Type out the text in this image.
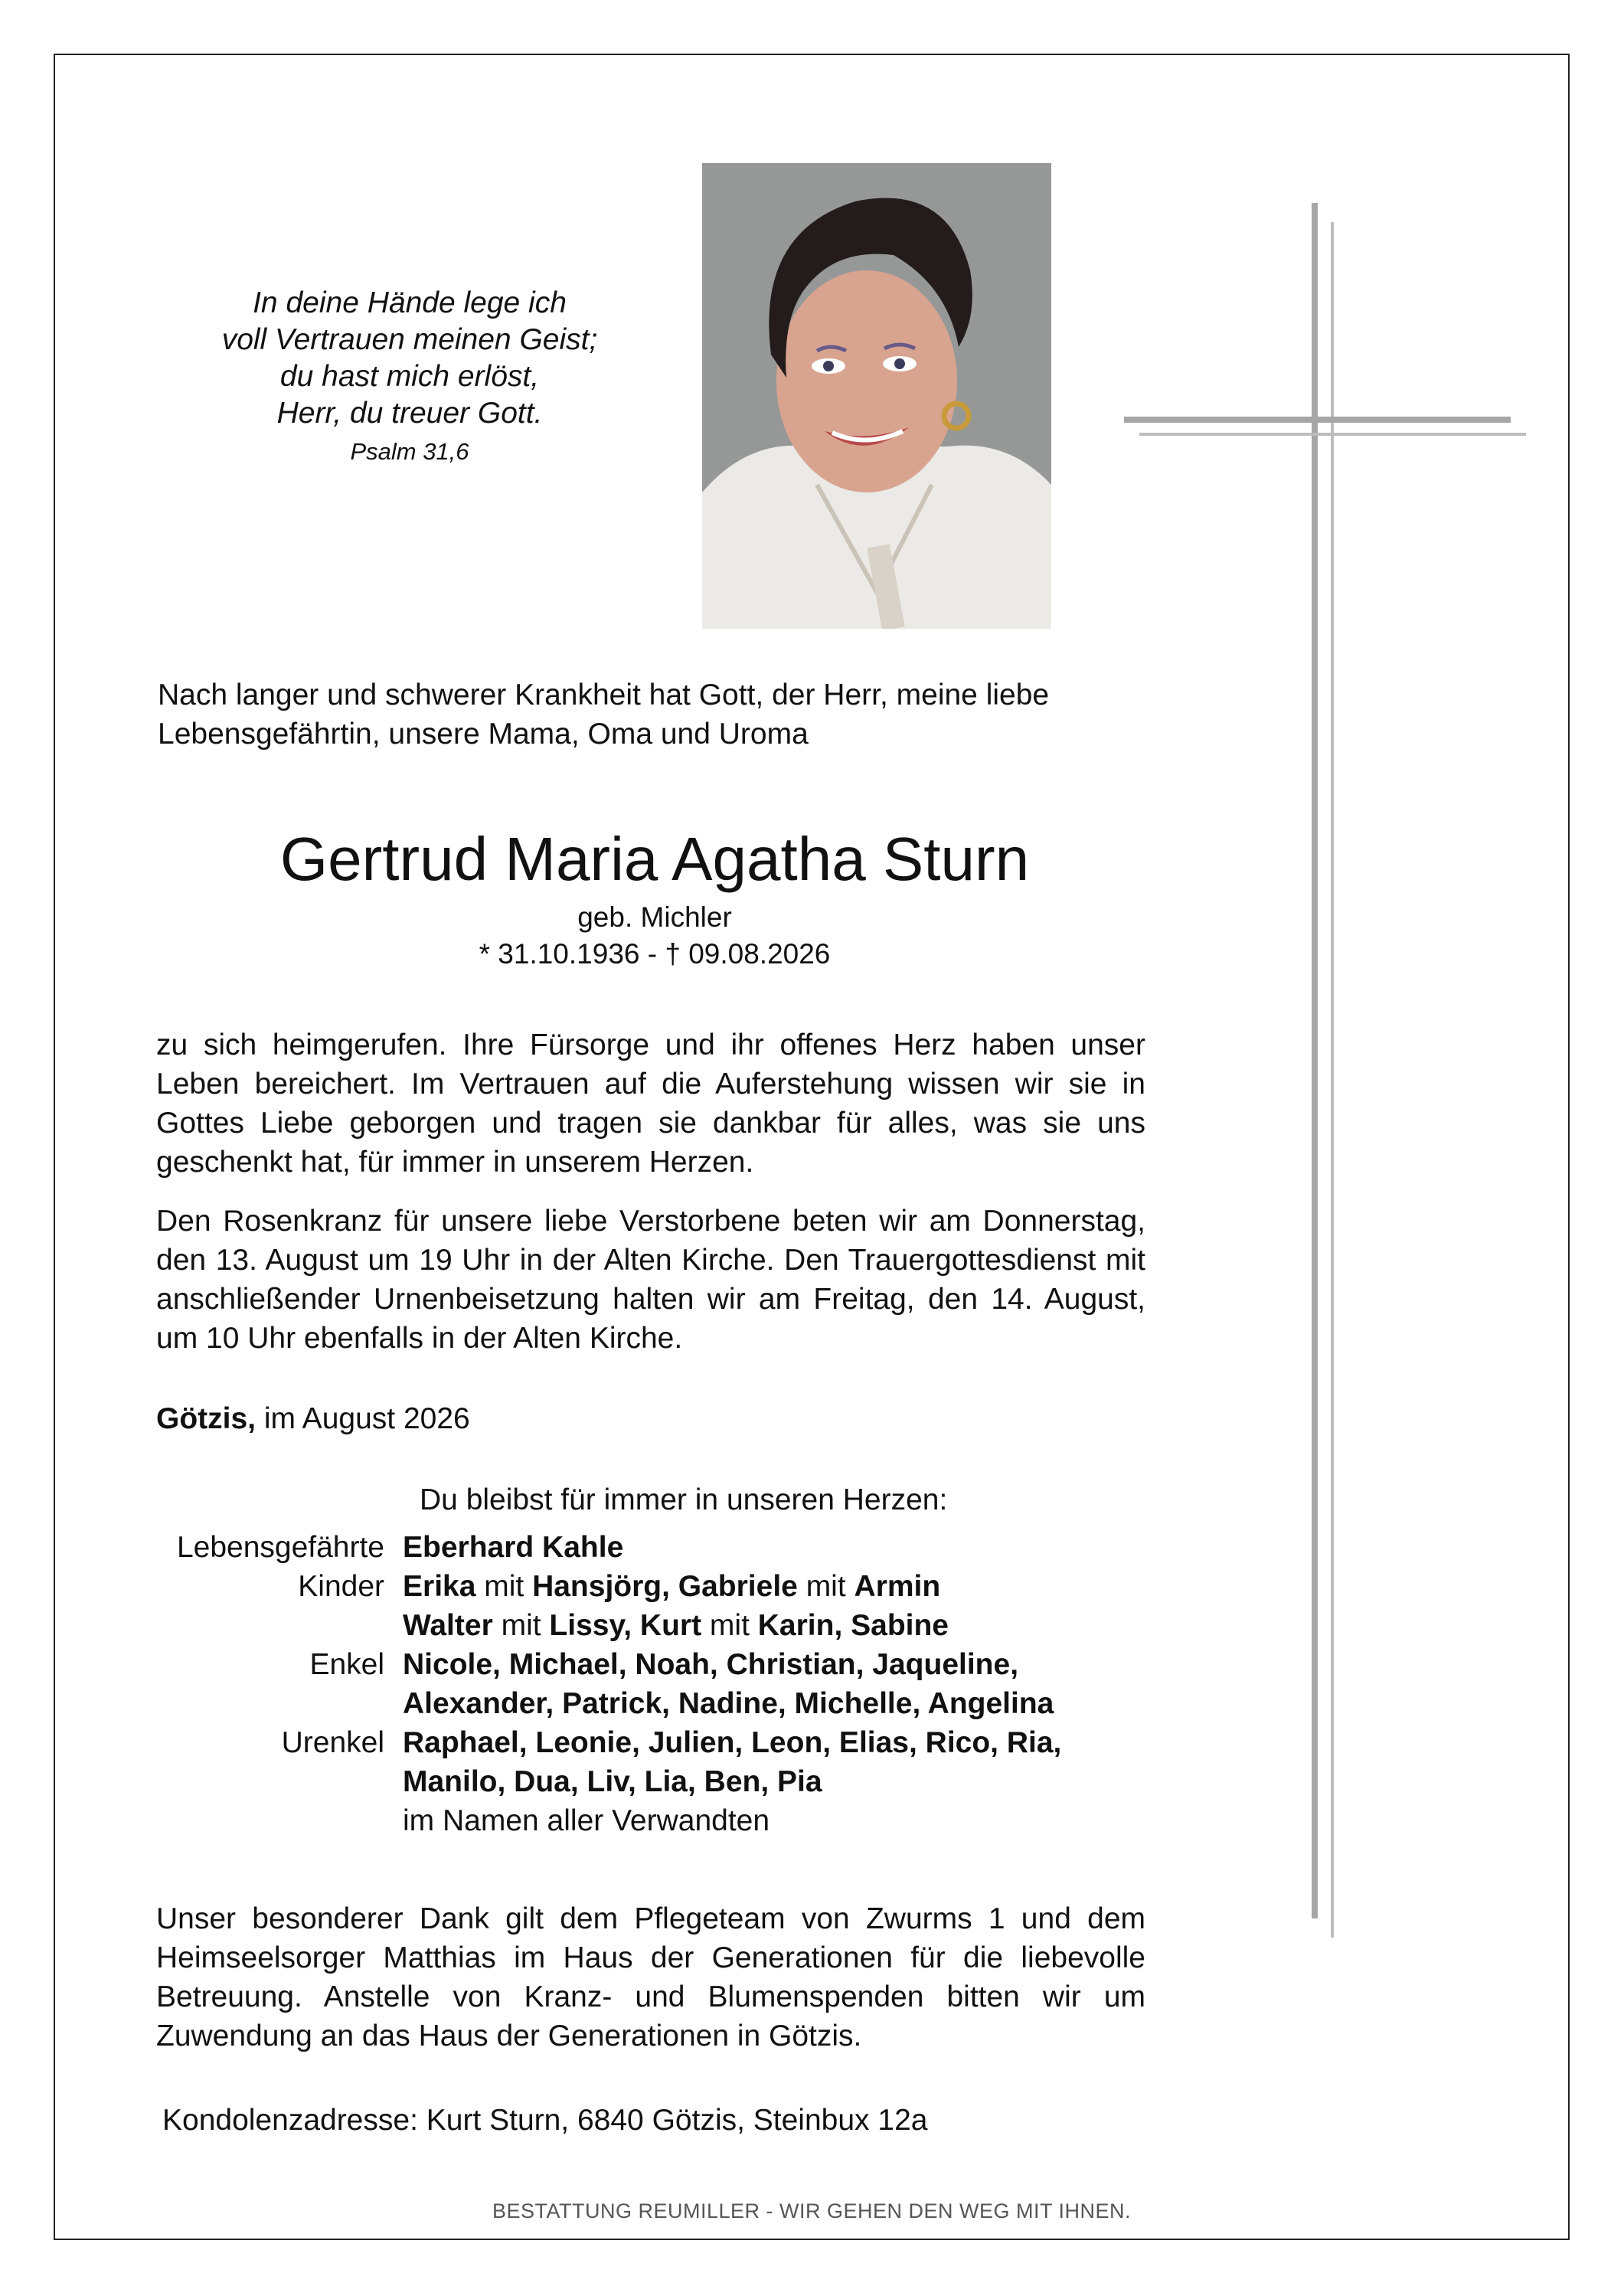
In deine Hände lege ich
voll Vertrauen meinen Geist;
du hast mich erlöst,
Herr, du treuer Gott.
Psalm 31,6
Nach langer und schwerer Krankheit hat Gott, der Herr, meine liebe
Lebensgefährtin, unsere Mama, Oma und Uroma
Gertrud Maria Agatha Sturn
geb. Michler
* 31.10.1936 - † 09.08.2026
zu sich heimgerufen. Ihre Fürsorge und ihr offenes Herz haben unser Leben bereichert. Im Vertrauen auf die Auferstehung wissen wir sie in Gottes Liebe geborgen und tragen sie dankbar für alles, was sie uns geschenkt hat, für immer in unserem Herzen.
Den Rosenkranz für unsere liebe Verstorbene beten wir am Donnerstag, den 13. August um 19 Uhr in der Alten Kirche. Den Trauergottesdienst mit anschließender Urnenbeisetzung halten wir am Freitag, den 14. August, um 10 Uhr ebenfalls in der Alten Kirche.
Götzis, im August 2026
Du bleibst für immer in unseren Herzen:
Lebensgefährte Eberhard Kahle
Kinder Erika mit Hansjörg, Gabriele mit Armin
Walter mit Lissy, Kurt mit Karin, Sabine
Enkel Nicole, Michael, Noah, Christian, Jaqueline,
Alexander, Patrick, Nadine, Michelle, Angelina
Urenkel Raphael, Leonie, Julien, Leon, Elias, Rico, Ria,
Manilo, Dua, Liv, Lia, Ben, Pia
im Namen aller Verwandten
Unser besonderer Dank gilt dem Pflegeteam von Zwurms 1 und dem Heimseelsorger Matthias im Haus der Generationen für die liebevolle Betreuung. Anstelle von Kranz- und Blumenspenden bitten wir um Zuwendung an das Haus der Generationen in Götzis.
Kondolenzadresse: Kurt Sturn, 6840 Götzis, Steinbux 12a
BESTATTUNG REUMILLER - WIR GEHEN DEN WEG MIT IHNEN.
